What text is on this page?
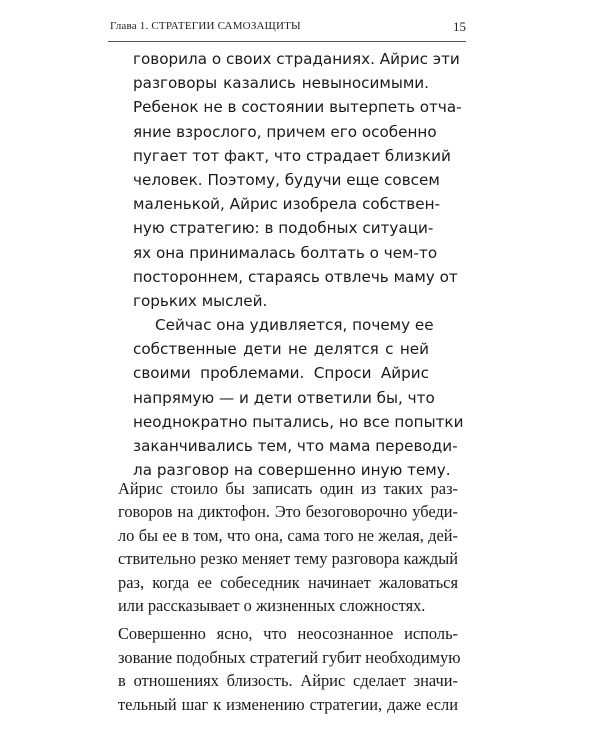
Глава 1. СТРАТЕГИИ САМОЗАЩИТЫ	15
говорила о своих страданиях. Айрис эти
разговоры казались невыносимыми.
Ребенок не в состоянии вытерпеть отча-
яние взрослого, причем его особенно
пугает тот факт, что страдает близкий
человек. Поэтому, будучи еще совсем
маленькой, Айрис изобрела собствен-
ную стратегию: в подобных ситуаци-
ях она принималась болтать о чем-то
постороннем, стараясь отвлечь маму от
горьких мыслей.
Сейчас она удивляется, почему ее
собственные дети не делятся с ней
своими проблемами. Спроси Айрис
напрямую — и дети ответили бы, что
неоднократно пытались, но все попытки
заканчивались тем, что мама переводи-
ла разговор на совершенно иную тему.
Айрис стоило бы записать один из таких раз-
говоров на диктофон. Это безоговорочно убеди-
ло бы ее в том, что она, сама того не желая, дей-
ствительно резко меняет тему разговора каждый
раз, когда ее собеседник начинает жаловаться
или рассказывает о жизненных сложностях.
Совершенно ясно, что неосознанное исполь-
зование подобных стратегий губит необходимую
в отношениях близость. Айрис сделает значи-
тельный шаг к изменению стратегии, даже если
